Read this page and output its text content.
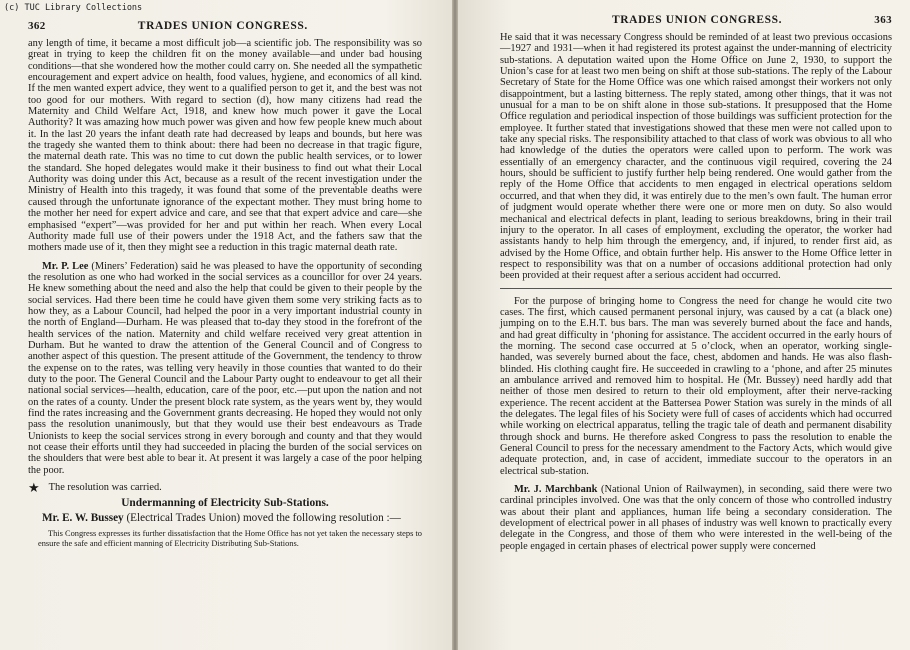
(c) TUC Library Collections
362	TRADES UNION CONGRESS.

any length of time, it became a most difficult job—a scientific job. The responsibility was so great in trying to keep the children fit on the money available—and under bad housing conditions—that she wondered how the mother could carry on. She needed all the sympathetic encouragement and expert advice on health, food values, hygiene, and economics of all kind. If the men wanted expert advice, they went to a qualified person to get it, and the best was not too good for our mothers. With regard to section (d), how many citizens had read the Maternity and Child Welfare Act, 1918, and knew how much power it gave the Local Authority? It was amazing how much power was given and how few people knew much about it. In the last 20 years the infant death rate had decreased by leaps and bounds, but here was the tragedy she wanted them to think about: there had been no decrease in that tragic figure, the maternal death rate. This was no time to cut down the public health services, or to lower the standard. She hoped delegates would make it their business to find out what their Local Authority was doing under this Act, because as a result of the recent investigation under the Ministry of Health into this tragedy, it was found that some of the preventable deaths were caused through the unfortunate ignorance of the expectant mother. They must bring home to the mother her need for expert advice and care, and see that that expert advice and care—she emphasised “expert”—was provided for her and put within her reach. When every Local Authority made full use of their powers under the 1918 Act, and the fathers saw that the mothers made use of it, then they might see a reduction in this tragic maternal death rate.

Mr. P. Lee (Miners’ Federation) said he was pleased to have the opportunity of seconding the resolution as one who had worked in the social services as a councillor for over 24 years. He knew something about the need and also the help that could be given to their people by the social services. Had there been time he could have given them some very striking facts as to how they, as a Labour Council, had helped the poor in a very important industrial county in the north of England—Durham. He was pleased that to-day they stood in the forefront of the health services of the nation. Maternity and child welfare received very great attention in Durham. But he wanted to draw the attention of the General Council and of Congress to another aspect of this question. The present attitude of the Government, the tendency to throw the expense on to the rates, was telling very heavily in those counties that wanted to do their duty to the poor. The General Council and the Labour Party ought to endeavour to get all their national social services—health, education, care of the poor, etc.—put upon the nation and not on the rates of a county. Under the present block rate system, as the years went by, they would find the rates increasing and the Government grants decreasing. He hoped they would not only pass the resolution unanimously, but that they would use their best endeavours as Trade Unionists to keep the social services strong in every borough and county and that they would not cease their efforts until they had succeeded in placing the burden of the social services on the shoulders that were best able to bear it. At present it was largely a case of the poor helping the poor.

★ The resolution was carried.
Undermanning of Electricity Sub-Stations.
Mr. E. W. Bussey (Electrical Trades Union) moved the following resolution :—

This Congress expresses its further dissatisfaction that the Home Office has not yet taken the necessary steps to ensure the safe and efficient manning of Electricity Distributing Sub-Stations.

TRADES UNION CONGRESS.	363

He said that it was necessary Congress should be reminded of at least two previous occasions—1927 and 1931—when it had registered its protest against the under-manning of electricity sub-stations. A deputation waited upon the Home Office on June 2, 1930, to support the Union’s case for at least two men being on shift at those sub-stations. The reply of the Labour Secretary of State for the Home Office was one which raised amongst their workers not only disappointment, but a lasting bitterness. The reply stated, among other things, that it was not unusual for a man to be on shift alone in those sub-stations. It presupposed that the Home Office regulation and periodical inspection of those buildings was sufficient protection for the employee. It further stated that investigations showed that these men were not called upon to take any special risks. The responsibility attached to that class of work was obvious to all who had knowledge of the duties the operators were called upon to perform. The work was essentially of an emergency character, and the continuous vigil required, covering the 24 hours, should be sufficient to justify further help being rendered. One would gather from the reply of the Home Office that accidents to men engaged in electrical operations seldom occurred, and that when they did, it was entirely due to the men’s own fault. The human error of judgment would operate whether there were one or more men on duty. So also would mechanical and electrical defects in plant, leading to serious breakdowns, bring in their trail injury to the operator. In all cases of employment, excluding the operator, the worker had assistants handy to help him through the emergency, and, if injured, to render first aid, as advised by the Home Office, and obtain further help. His answer to the Home Office letter in respect to responsibility was that on a number of occasions additional protection had only been provided at their request after a serious accident had occurred.

For the purpose of bringing home to Congress the need for change he would cite two cases. The first, which caused permanent personal injury, was caused by a cat (a black one) jumping on to the E.H.T. bus bars. The man was severely burned about the face and hands, and had great difficulty in ‘phoning for assistance. The accident occurred in the early hours of the morning. The second case occurred at 5 o’clock, when an operator, working single-handed, was severely burned about the face, chest, abdomen and hands. He was also flash-blinded. His clothing caught fire. He succeeded in crawling to a ‘phone, and after 25 minutes an ambulance arrived and removed him to hospital. He (Mr. Bussey) need hardly add that neither of those men desired to return to their old employment, after their nerve-racking experience. The recent accident at the Battersea Power Station was surely in the minds of all the delegates. The legal files of his Society were full of cases of accidents which had occurred while working on electrical apparatus, telling the tragic tale of death and permanent disability through shock and burns. He therefore asked Congress to pass the resolution to enable the General Council to press for the necessary amendment to the Factory Acts, which would give adequate protection, and, in case of accident, immediate succour to the operators in an electrical sub-station.

Mr. J. Marchbank (National Union of Railwaymen), in seconding, said there were two cardinal principles involved. One was that the only concern of those who controlled industry was about their plant and appliances, human life being a secondary consideration. The development of electrical power in all phases of industry was well known to practically every delegate in the Congress, and those of them who were interested in the well-being of the people engaged in certain phases of electrical power supply were concerned
